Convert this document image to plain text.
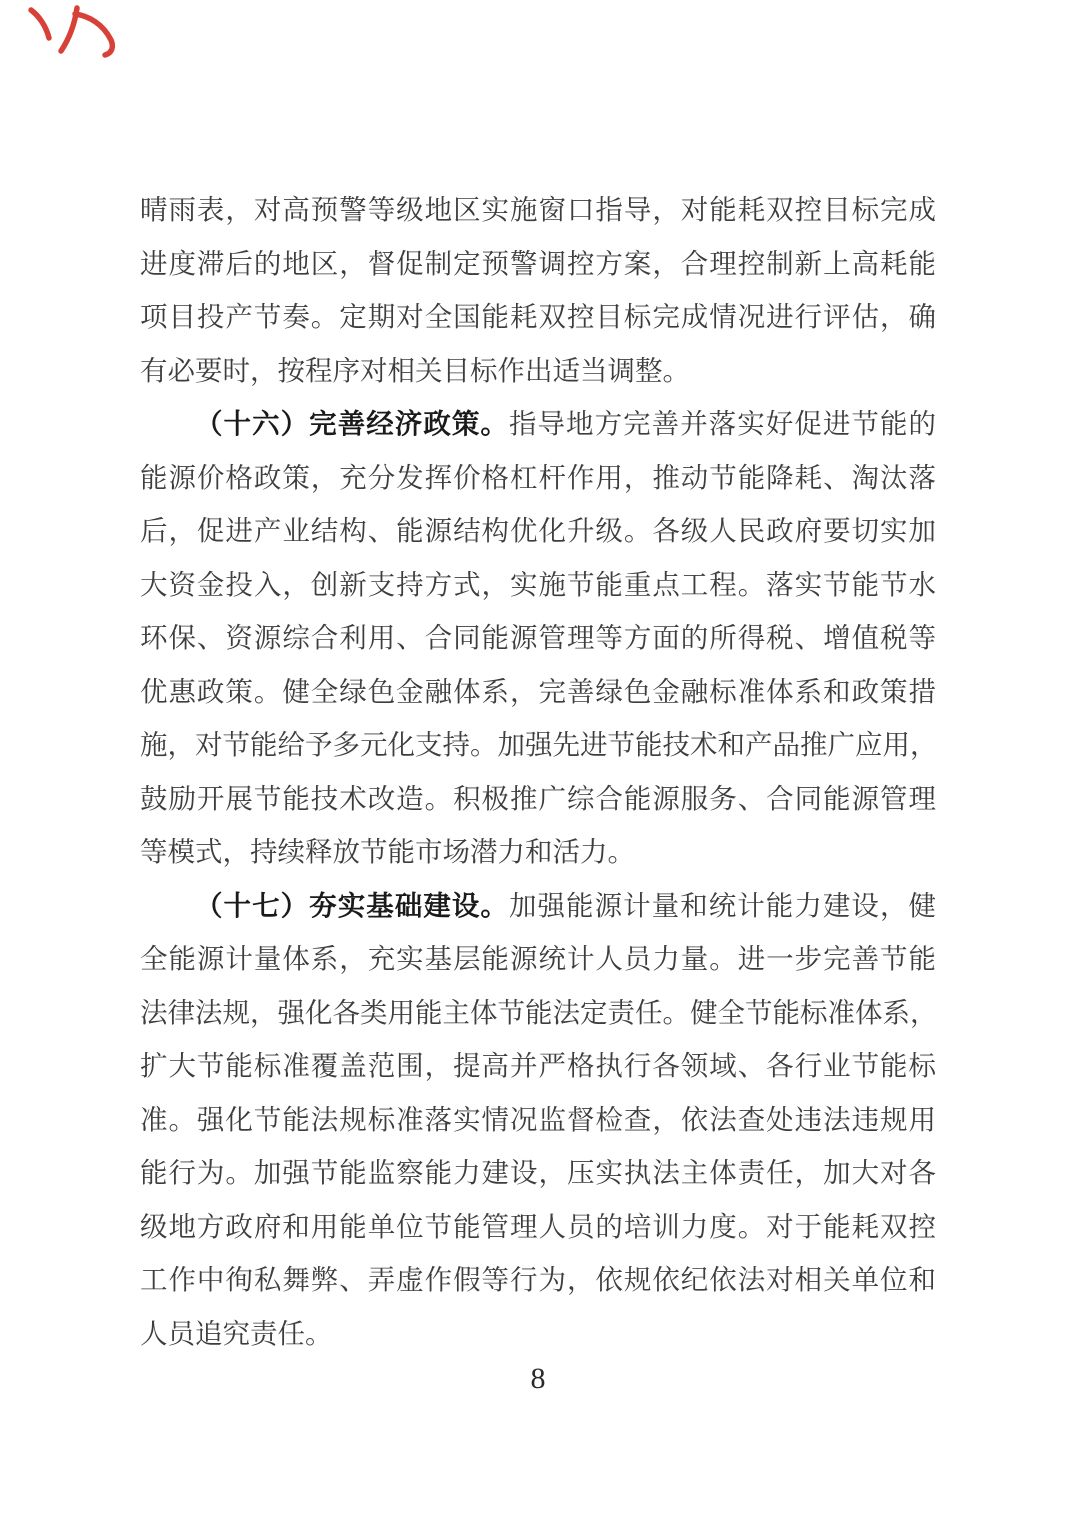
晴雨表，对高预警等级地区实施窗口指导，对能耗双控目标完成
进度滞后的地区，督促制定预警调控方案，合理控制新上高耗能
项目投产节奏。定期对全国能耗双控目标完成情况进行评估，确
有必要时，按程序对相关目标作出适当调整。
（十六）完善经济政策。指导地方完善并落实好促进节能的
能源价格政策，充分发挥价格杠杆作用，推动节能降耗、淘汰落
后，促进产业结构、能源结构优化升级。各级人民政府要切实加
大资金投入，创新支持方式，实施节能重点工程。落实节能节水
环保、资源综合利用、合同能源管理等方面的所得税、增值税等
优惠政策。健全绿色金融体系，完善绿色金融标准体系和政策措
施，对节能给予多元化支持。加强先进节能技术和产品推广应用，
鼓励开展节能技术改造。积极推广综合能源服务、合同能源管理
等模式，持续释放节能市场潜力和活力。
（十七）夯实基础建设。加强能源计量和统计能力建设，健
全能源计量体系，充实基层能源统计人员力量。进一步完善节能
法律法规，强化各类用能主体节能法定责任。健全节能标准体系，
扩大节能标准覆盖范围，提高并严格执行各领域、各行业节能标
准。强化节能法规标准落实情况监督检查，依法查处违法违规用
能行为。加强节能监察能力建设，压实执法主体责任，加大对各
级地方政府和用能单位节能管理人员的培训力度。对于能耗双控
工作中徇私舞弊、弄虚作假等行为，依规依纪依法对相关单位和
人员追究责任。
8
